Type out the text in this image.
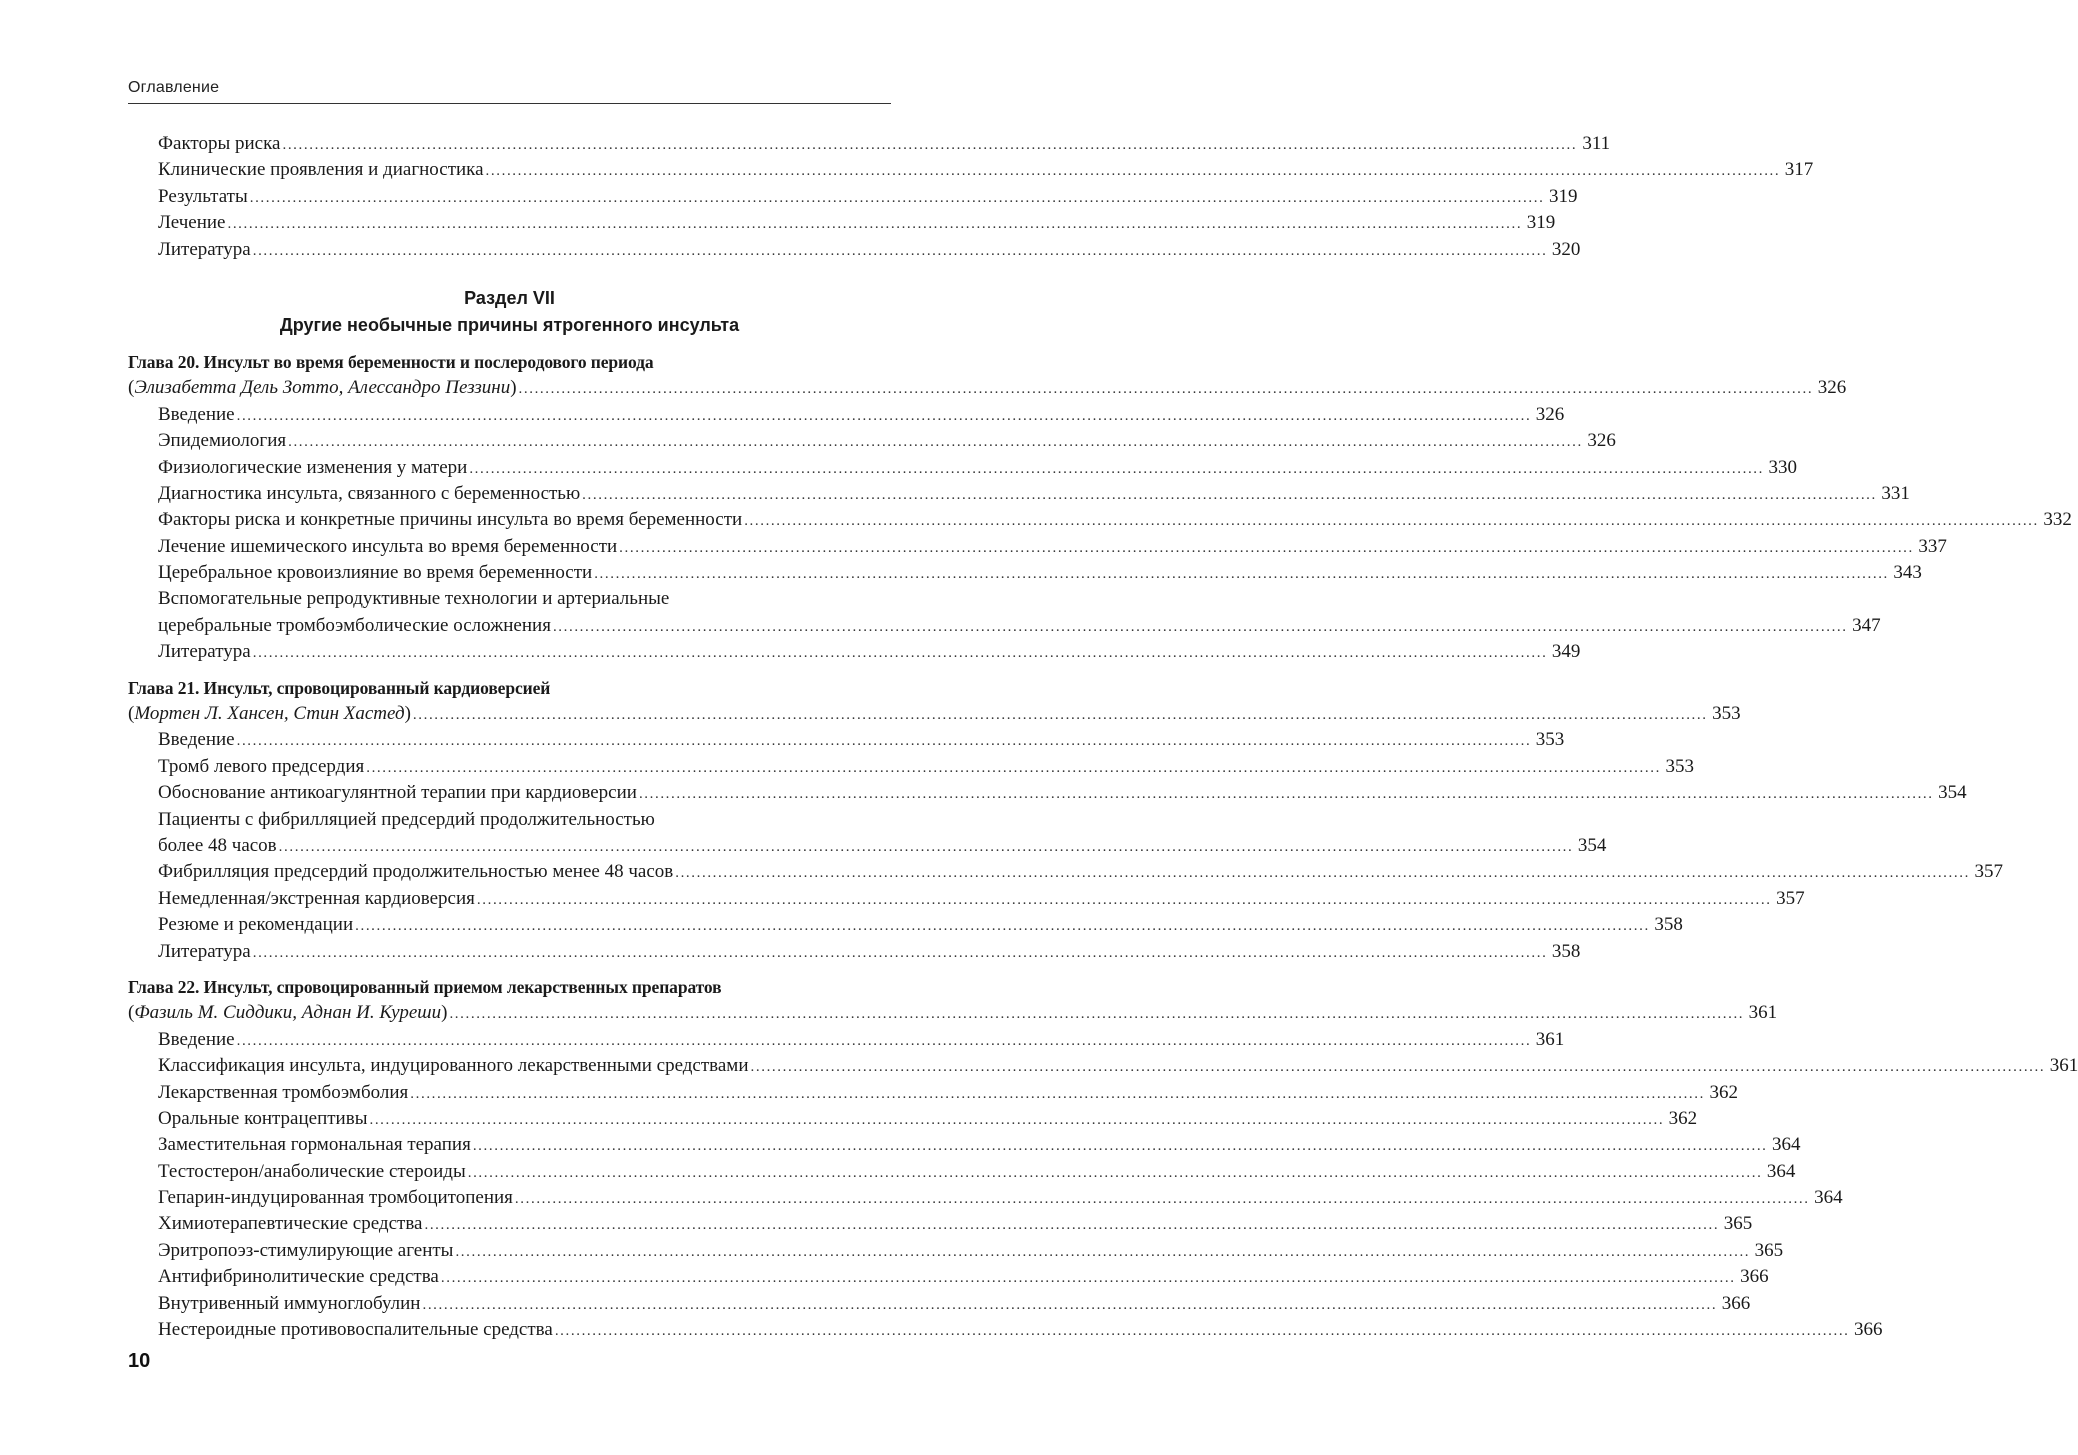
Оглавление
Факторы риска .................................................................................................................................................................................................................................................. 311
Клинические проявления и диагностика .................................................................................................................................................................................................................................................. 317
Результаты .................................................................................................................................................................................................................................................. 319
Лечение .................................................................................................................................................................................................................................................. 319
Литература .................................................................................................................................................................................................................................................. 320
Раздел VII
Другие необычные причины ятрогенного инсульта
Глава 20. Инсульт во время беременности и послеродового периода
(Элизабетта Дель Зотто, Алессандро Пеззини) .................................................................................................................................................................................................................................................. 326
Введение .................................................................................................................................................................................................................................................. 326
Эпидемиология .................................................................................................................................................................................................................................................. 326
Физиологические изменения у матери .................................................................................................................................................................................................................................................. 330
Диагностика инсульта, связанного с беременностью .................................................................................................................................................................................................................................................. 331
Факторы риска и конкретные причины инсульта во время беременности .................................................................................................................................................................................................................................................. 332
Лечение ишемического инсульта во время беременности .................................................................................................................................................................................................................................................. 337
Церебральное кровоизлияние во время беременности .................................................................................................................................................................................................................................................. 343
Вспомогательные репродуктивные технологии и артериальные
церебральные тромбоэмболические осложнения .................................................................................................................................................................................................................................................. 347
Литература .................................................................................................................................................................................................................................................. 349
Глава 21. Инсульт, спровоцированный кардиоверсией
(Мортен Л. Хансен, Стин Хастед) .................................................................................................................................................................................................................................................. 353
Введение .................................................................................................................................................................................................................................................. 353
Тромб левого предсердия .................................................................................................................................................................................................................................................. 353
Обоснование антикоагулянтной терапии при кардиоверсии .................................................................................................................................................................................................................................................. 354
Пациенты с фибрилляцией предсердий продолжительностью
более 48 часов .................................................................................................................................................................................................................................................. 354
Фибрилляция предсердий продолжительностью менее 48 часов .................................................................................................................................................................................................................................................. 357
Немедленная/экстренная кардиоверсия .................................................................................................................................................................................................................................................. 357
Резюме и рекомендации .................................................................................................................................................................................................................................................. 358
Литература .................................................................................................................................................................................................................................................. 358
Глава 22. Инсульт, спровоцированный приемом лекарственных препаратов
(Фазиль М. Сиддики, Аднан И. Куреши) .................................................................................................................................................................................................................................................. 361
Введение .................................................................................................................................................................................................................................................. 361
Классификация инсульта, индуцированного лекарственными средствами .................................................................................................................................................................................................................................................. 361
Лекарственная тромбоэмболия .................................................................................................................................................................................................................................................. 362
Оральные контрацептивы .................................................................................................................................................................................................................................................. 362
Заместительная гормональная терапия .................................................................................................................................................................................................................................................. 364
Тестостерон/анаболические стероиды .................................................................................................................................................................................................................................................. 364
Гепарин-индуцированная тромбоцитопения .................................................................................................................................................................................................................................................. 364
Химиотерапевтические средства .................................................................................................................................................................................................................................................. 365
Эритропоэз-стимулирующие агенты .................................................................................................................................................................................................................................................. 365
Антифибринолитические средства .................................................................................................................................................................................................................................................. 366
Внутривенный иммуноглобулин .................................................................................................................................................................................................................................................. 366
Нестероидные противовоспалительные средства .................................................................................................................................................................................................................................................. 366
10
